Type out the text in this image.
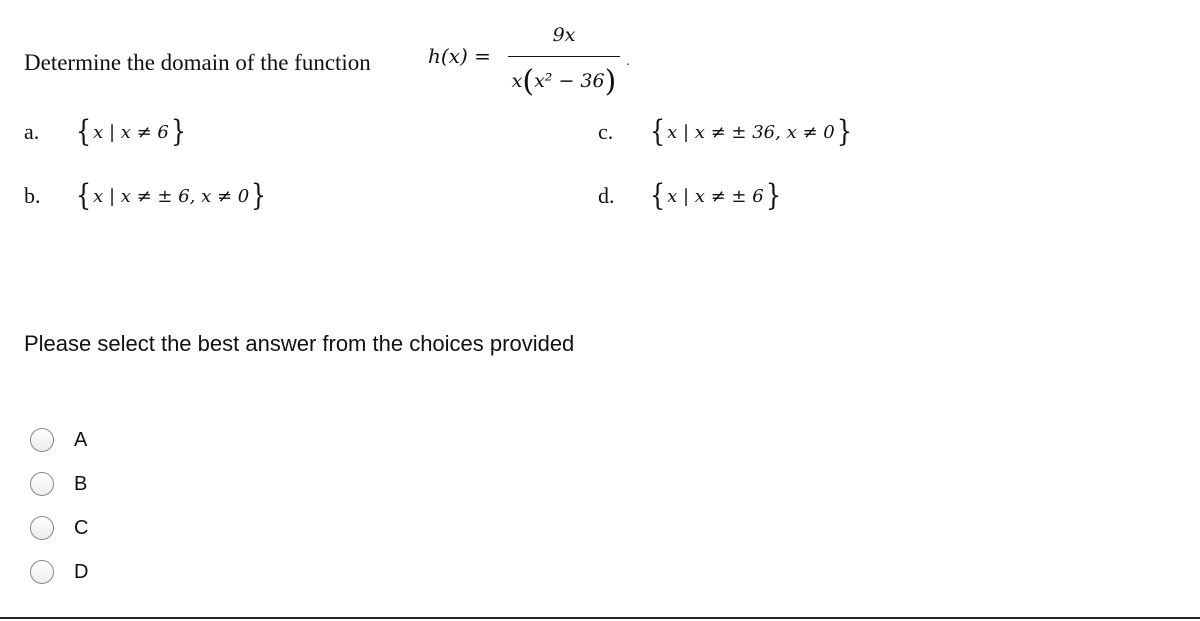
Determine the domain of the function	h(x) =
9x
x(x² − 36)
.
a.	{ x | x ≠ 6 }
b.	{ x | x ≠ ± 6, x ≠ 0 }
c.	{ x | x ≠ ± 36, x ≠ 0 }
d.	{ x | x ≠ ± 6 }
Please select the best answer from the choices provided
A
B
C
D
